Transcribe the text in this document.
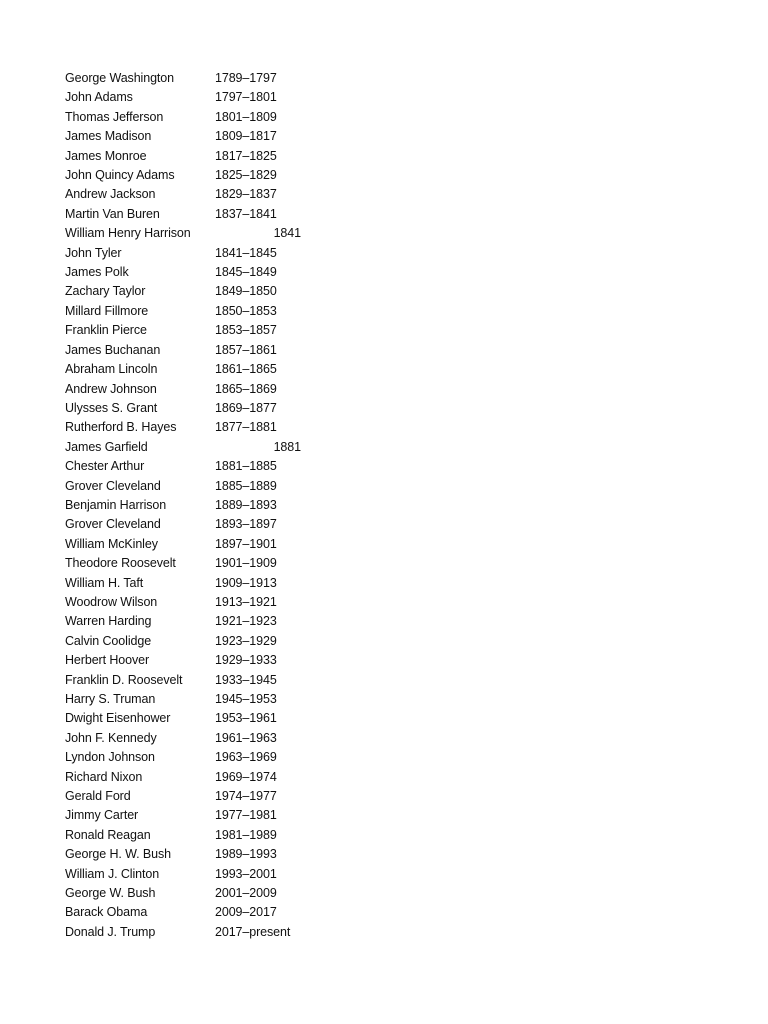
George Washington	1789–1797
John Adams	1797–1801
Thomas Jefferson	1801–1809
James Madison	1809–1817
James Monroe	1817–1825
John Quincy Adams	1825–1829
Andrew Jackson	1829–1837
Martin Van Buren	1837–1841
William Henry Harrison	1841
John Tyler	1841–1845
James Polk	1845–1849
Zachary Taylor	1849–1850
Millard Fillmore	1850–1853
Franklin Pierce	1853–1857
James Buchanan	1857–1861
Abraham Lincoln	1861–1865
Andrew Johnson	1865–1869
Ulysses S. Grant	1869–1877
Rutherford B. Hayes	1877–1881
James Garfield	1881
Chester Arthur	1881–1885
Grover Cleveland	1885–1889
Benjamin Harrison	1889–1893
Grover Cleveland	1893–1897
William McKinley	1897–1901
Theodore Roosevelt	1901–1909
William H. Taft	1909–1913
Woodrow Wilson	1913–1921
Warren Harding	1921–1923
Calvin Coolidge	1923–1929
Herbert Hoover	1929–1933
Franklin D. Roosevelt	1933–1945
Harry S. Truman	1945–1953
Dwight Eisenhower	1953–1961
John F. Kennedy	1961–1963
Lyndon Johnson	1963–1969
Richard Nixon	1969–1974
Gerald Ford	1974–1977
Jimmy Carter	1977–1981
Ronald Reagan	1981–1989
George H. W. Bush	1989–1993
William J. Clinton	1993–2001
George W. Bush	2001–2009
Barack Obama	2009–2017
Donald J. Trump	2017–present
